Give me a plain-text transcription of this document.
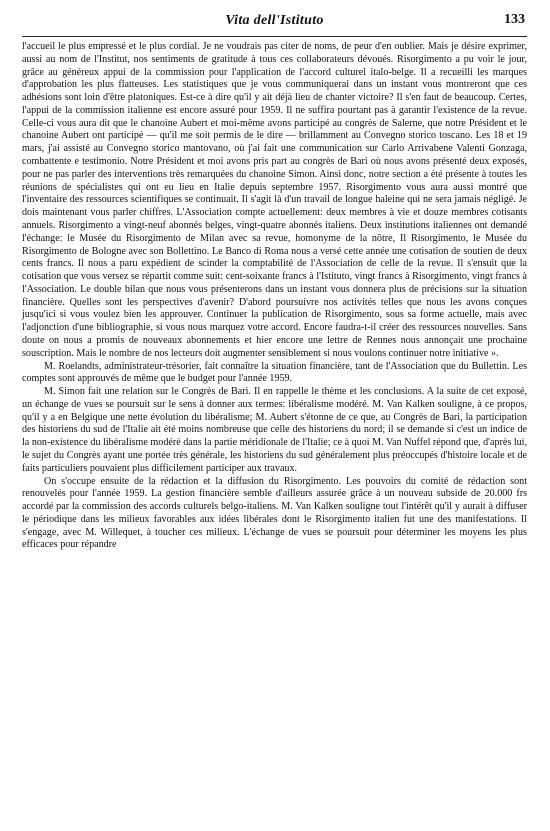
Vita dell'Istituto	133

l'accueil le plus empressé et le plus cordial. Je ne voudrais pas citer de noms, de peur d'en oublier. Mais je désire exprimer, aussi au nom de l'Institut, nos sentiments de gratitude à tous ces collaborateurs dévoués. Risorgimento a pu voir le jour, grâce au généreux appui de la commission pour l'application de l'accord culturel italo-belge. Il a recueilli les marques d'approbation les plus flatteuses. Les statistiques que je vous communiquerai dans un instant vous montreront que ces adhésions sont loin d'être platoniques. Est-ce à dire qu'il y ait déjà lieu de chanter victoire? Il s'en faut de beaucoup. Certes, l'appui de la commission italienne est encore assuré pour 1959. Il ne suffira pourtant pas à garantir l'existence de la revue. Celle-ci vous aura dit que le chanoine Aubert et moi-même avons participé au congrès de Salerne, que notre Président et le chanoine Aubert ont participé — qu'il me soit permis de le dire — brillamment au Convegno storico toscano. Les 18 et 19 mars, j'ai assisté au Convegno storico mantovano, où j'ai fait une communication sur Carlo Arrivabene Valenti Gonzaga, combattente e testimonio. Notre Président et moi avons pris part au congrès de Bari où nous avons présenté deux exposés, pour ne pas parler des interventions très remarquées du chanoine Simon. Ainsi donc, notre section a été présente à toutes les réunions de spécialistes qui ont eu lieu en Italie depuis septembre 1957. Risorgimento vous aura aussi montré que l'inventaire des ressources scientifiques se continuait. Il s'agit là d'un travail de longue haleine qui ne sera jamais négligé. Je dois maintenant vous parler chiffres. L'Association compte actuellement: deux membres à vie et douze membres cotisants annuels. Risorgimento a vingt-neuf abonnés belges, vingt-quatre abonnés italiens. Deux institutions italiennes ont demandé l'échange: le Musée du Risorgimento de Milan avec sa revue, homonyme de la nôtre, Il Risorgimento, le Musée du Risorgimento de Bologne avec son Bollettino. Le Banco di Roma nous a versé cette année une cotisation de soutien de deux cents francs. Il nous a paru expédient de scinder la comptabilité de l'Association de celle de la revue. Il s'ensuit que la cotisation que vous versez se répartit comme suit: cent-soixante francs à l'Istituto, vingt francs à Risorgimento, vingt francs à l'Association. Le double bilan que nous vous présenterons dans un instant vous donnera plus de précisions sur la situation financière. Quelles sont les perspectives d'avenir? D'abord poursuivre nos activités telles que nous les avons conçues jusqu'ici si vous voulez bien les approuver. Continuer la publication de Risorgimento, sous sa forme actuelle, mais avec l'adjonction d'une bibliographie, si vous nous marquez votre accord. Encore faudra-t-il créer des ressources nouvelles. Sans doute on nous a promis de nouveaux abonnements et hier encore une lettre de Rennes nous annonçait une prochaine souscription. Mais le nombre de nos lecteurs doit augmenter sensiblement si nous voulons continuer notre initiative ».

M. Roelandts, administrateur-trésorier, fait connaître la situation financière, tant de l'Association que du Bullettin. Les comptes sont approuvés de même que le budget pour l'année 1959.

M. Simon fait une relation sur le Congrès de Bari. Il en rappelle le thème et les conclusions. A la suite de cet exposé, un échange de vues se poursuit sur le sens à donner aux termes: libéralisme modéré. M. Van Kalken souligne, à ce propos, qu'il y a en Belgique une nette évolution du libéralisme; M. Aubert s'étonne de ce que, au Congrès de Bari, la participation des historiens du sud de l'Italie ait été moins nombreuse que celle des historiens du nord; il se demande si c'est un indice de la non-existence du libéralisme modéré dans la partie méridionale de l'Italie; ce à quoi M. Van Nuffel répond que, d'après lui, le sujet du Congrès ayant une portée très générale, les historiens du sud généralement plus préoccupés d'histoire locale et de faits particuliers pouvaient plus difficilement participer aux travaux.

On s'occupe ensuite de la rédaction et la diffusion du Risorgimento. Les pouvoirs du comité de rédaction sont renouvelés pour l'année 1959. La gestion financière semble d'ailleurs assurée grâce à un nouveau subside de 20.000 frs accordé par la commission des accords culturels belgo-italiens. M. Van Kalken souligne tout l'intérêt qu'il y aurait à diffuser le périodique dans les milieux favorables aux idées libérales dont le Risorgimento italien fut une des manifestations. Il s'engage, avec M. Willequet, à toucher ces milieux. L'échange de vues se poursuit pour déterminer les moyens les plus efficaces pour répandre
